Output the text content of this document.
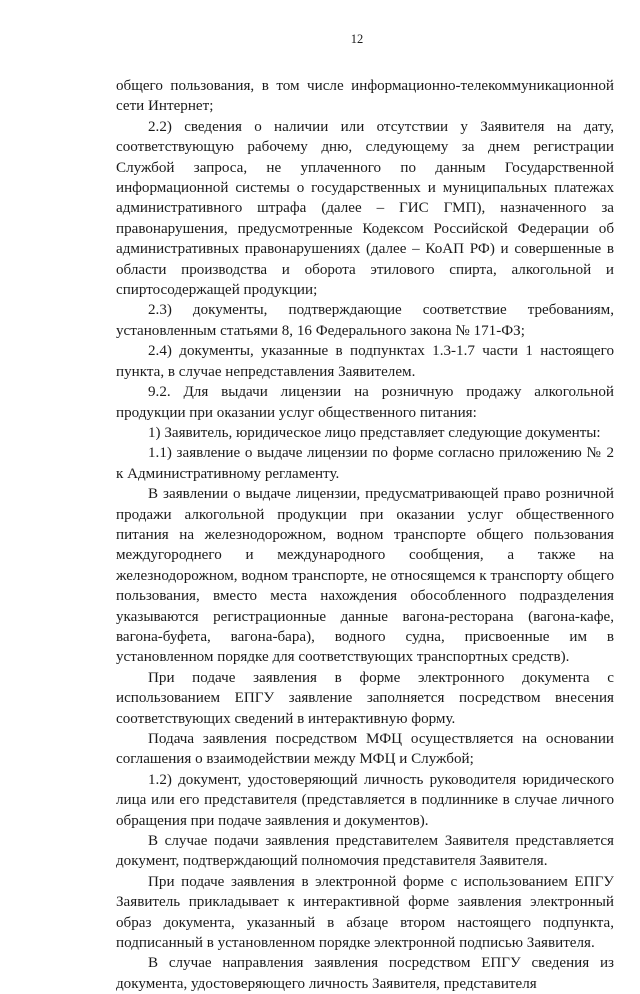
12

общего пользования, в том числе информационно-телекоммуникационной сети Интернет;

2.2) сведения о наличии или отсутствии у Заявителя на дату, соответствующую рабочему дню, следующему за днем регистрации Службой запроса, не уплаченного по данным Государственной информационной системы о государственных и муниципальных платежах административного штрафа (далее – ГИС ГМП), назначенного за правонарушения, предусмотренные Кодексом Российской Федерации об административных правонарушениях (далее – КоАП РФ) и совершенные в области производства и оборота этилового спирта, алкогольной и спиртосодержащей продукции;

2.3) документы, подтверждающие соответствие требованиям, установленным статьями 8, 16 Федерального закона № 171-ФЗ;

2.4) документы, указанные в подпунктах 1.3-1.7 части 1 настоящего пункта, в случае непредставления Заявителем.

9.2. Для выдачи лицензии на розничную продажу алкогольной продукции при оказании услуг общественного питания:

1) Заявитель, юридическое лицо представляет следующие документы:

1.1) заявление о выдаче лицензии по форме согласно приложению № 2 к Административному регламенту.

В заявлении о выдаче лицензии, предусматривающей право розничной продажи алкогольной продукции при оказании услуг общественного питания на железнодорожном, водном транспорте общего пользования междугороднего и международного сообщения, а также на железнодорожном, водном транспорте, не относящемся к транспорту общего пользования, вместо места нахождения обособленного подразделения указываются регистрационные данные вагона-ресторана (вагона-кафе, вагона-буфета, вагона-бара), водного судна, присвоенные им в установленном порядке для соответствующих транспортных средств).

При подаче заявления в форме электронного документа с использованием ЕПГУ заявление заполняется посредством внесения соответствующих сведений в интерактивную форму.

Подача заявления посредством МФЦ осуществляется на основании соглашения о взаимодействии между МФЦ и Службой;

1.2) документ, удостоверяющий личность руководителя юридического лица или его представителя (представляется в подлиннике в случае личного обращения при подаче заявления и документов).

В случае подачи заявления представителем Заявителя представляется документ, подтверждающий полномочия представителя Заявителя.

При подаче заявления в электронной форме с использованием ЕПГУ Заявитель прикладывает к интерактивной форме заявления электронный образ документа, указанный в абзаце втором настоящего подпункта, подписанный в установленном порядке электронной подписью Заявителя.

В случае направления заявления посредством ЕПГУ сведения из документа, удостоверяющего личность Заявителя, представителя
